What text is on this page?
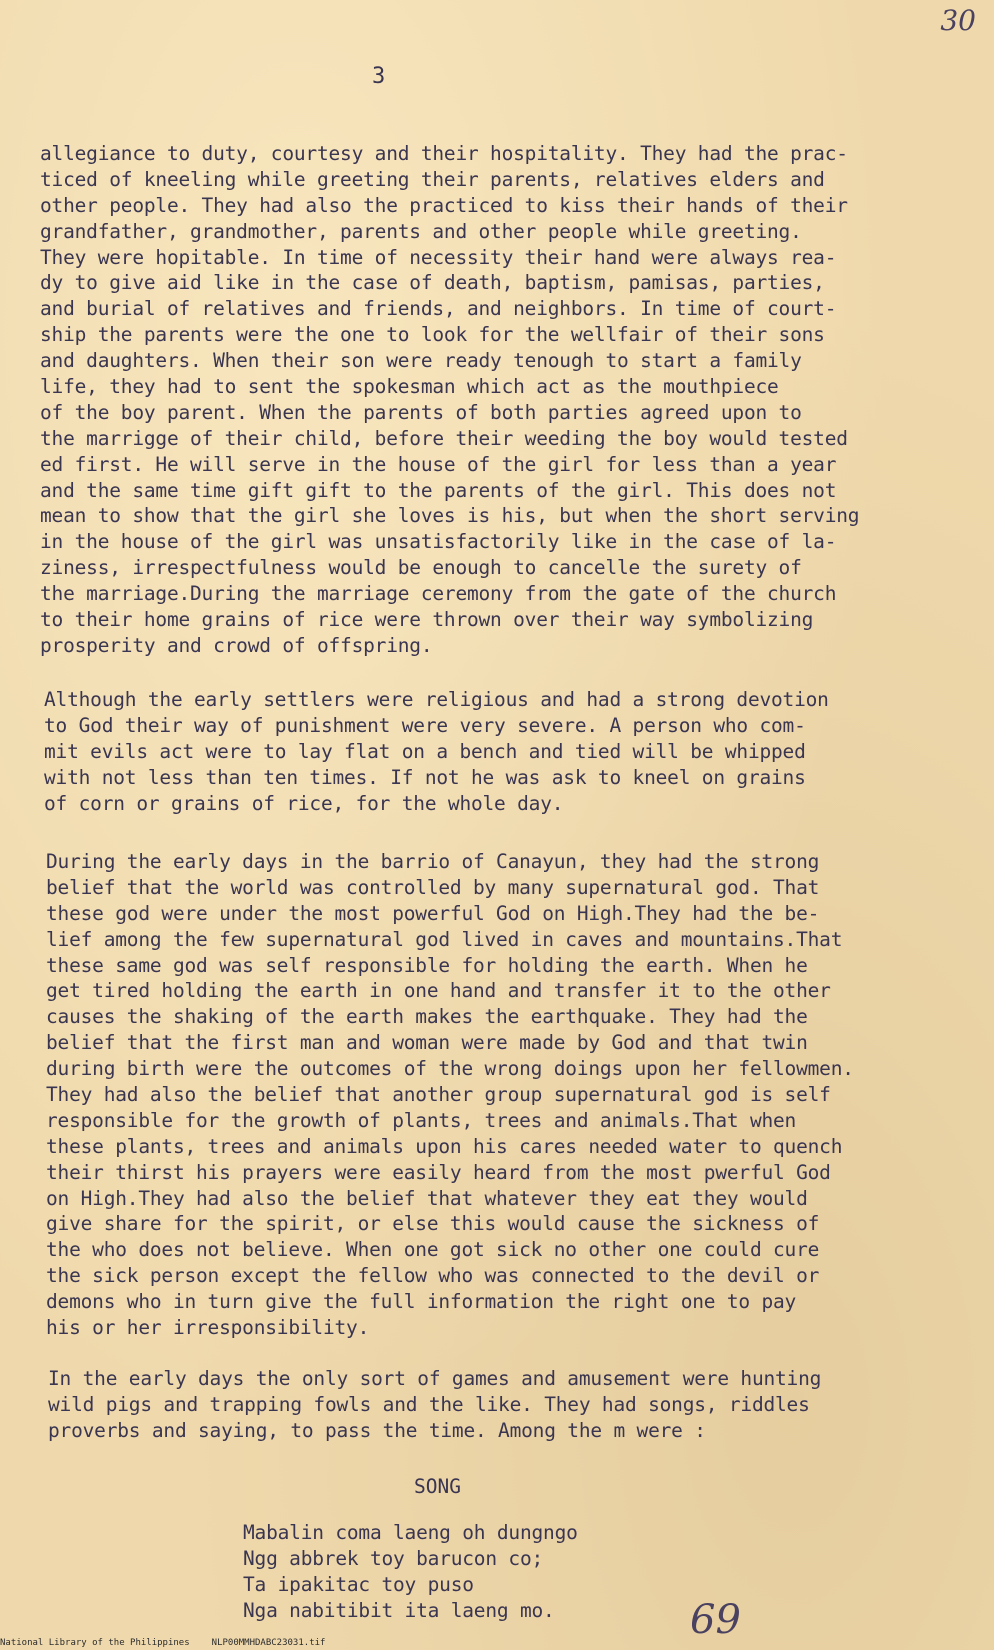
30
3
allegiance to duty, courtesy and their hospitality. They had the prac-
ticed of kneeling while greeting their parents, relatives elders and
other people. They had also the practiced to kiss their hands of their
grandfather, grandmother, parents and other people while greeting.
They were hopitable. In time of necessity their hand were always rea-
dy to give aid like in the case of death, baptism, pamisas, parties,
and burial of relatives and friends, and neighbors. In time of court-
ship the parents were the one to look for the wellfair of their sons
and daughters. When their son were ready tenough to start a family
life, they had to sent the spokesman which act as the mouthpiece
of the boy parent. When the parents of both parties agreed upon to
the marrigge of their child, before their weeding the boy would tested
ed first. He will serve in the house of the girl for less than a year
and the same time gift gift to the parents of the girl. This does not
mean to show that the girl she loves is his, but when the short serving
in the house of the girl was unsatisfactorily like in the case of la-
ziness, irrespectfulness would be enough to cancelle the surety of
the marriage.During the marriage ceremony from the gate of the church
to their home grains of rice were thrown over their way symbolizing
prosperity and crowd of offspring.
Although the early settlers were religious and had a strong devotion
to God their way of punishment were very severe. A person who com-
mit evils act were to lay flat on a bench and tied will be whipped
with not less than ten times. If not he was ask to kneel on grains
of corn or grains of rice, for the whole day.
During the early days in the barrio of Canayun, they had the strong
belief that the world was controlled by many supernatural god. That
these god were under the most powerful God on High.They had the be-
lief among the few supernatural god lived in caves and mountains.That
these same god was self responsible for holding the earth. When he
get tired holding the earth in one hand and transfer it to the other
causes the shaking of the earth makes the earthquake. They had the
belief that the first man and woman were made by God and that twin
during birth were the outcomes of the wrong doings upon her fellowmen.
They had also the belief that another group supernatural god is self
responsible for the growth of plants, trees and animals.That when
these plants, trees and animals upon his cares needed water to quench
their thirst his prayers were easily heard from the most pwerful God
on High.They had also the belief that whatever they eat they would
give share for the spirit, or else this would cause the sickness of
the who does not believe. When one got sick no other one could cure
the sick person except the fellow who was connected to the devil or
demons who in turn give the full information the right one to pay
his or her irresponsibility.
In the early days the only sort of games and amusement were hunting
wild pigs and trapping fowls and the like. They had songs, riddles
proverbs and saying, to pass the time. Among the m were :
SONG
Mabalin coma laeng oh dungngo
Ngg abbrek toy barucon co;
Ta ipakitac toy puso
Nga nabitibit ita laeng mo.	69
National Library of the Philippines NLP00MMHDABC23031.tif
